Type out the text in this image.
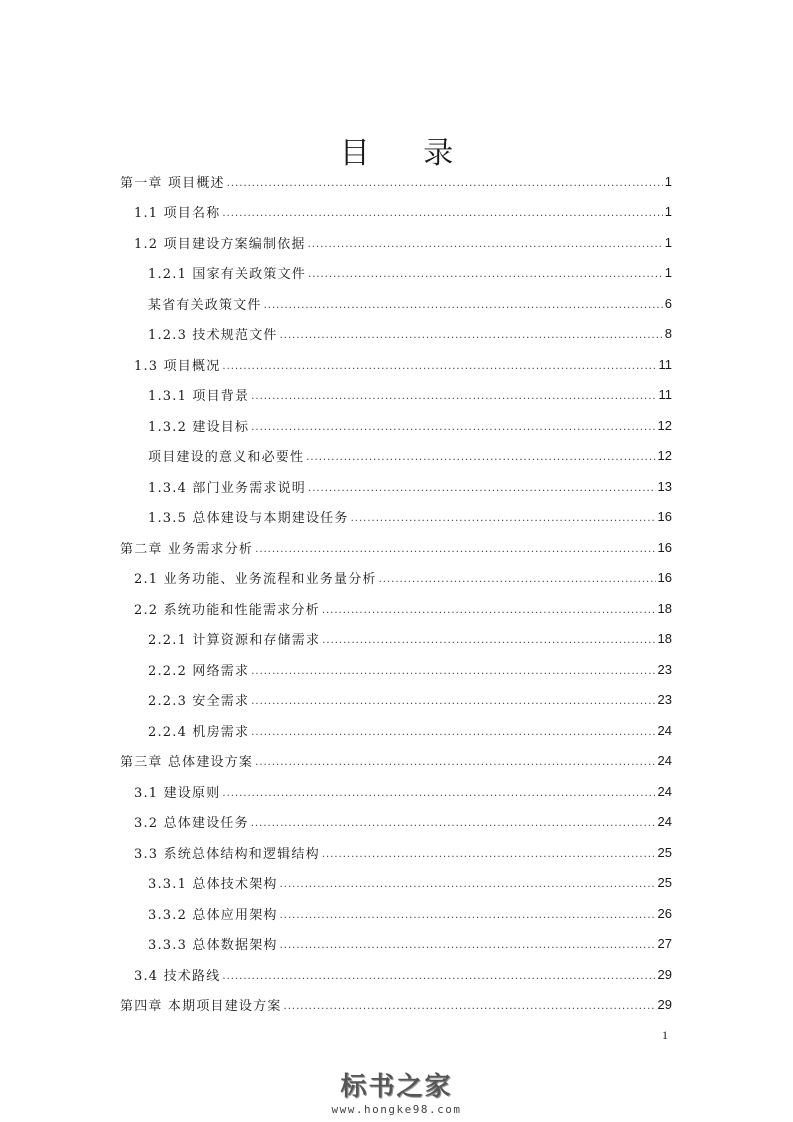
目 录
第一章 项目概述 .....	1
1.1 项目名称 .....	1
1.2 项目建设方案编制依据 .....	1
1.2.1 国家有关政策文件 .....	1
某省有关政策文件 .....	6
1.2.3 技术规范文件 .....	8
1.3 项目概况 .....	11
1.3.1 项目背景 .....	11
1.3.2 建设目标 .....	12
项目建设的意义和必要性 .....	12
1.3.4 部门业务需求说明 .....	13
1.3.5 总体建设与本期建设任务 .....	16
第二章 业务需求分析 .....	16
2.1 业务功能、业务流程和业务量分析 .....	16
2.2 系统功能和性能需求分析 .....	18
2.2.1 计算资源和存储需求 .....	18
2.2.2 网络需求 .....	23
2.2.3 安全需求 .....	23
2.2.4 机房需求 .....	24
第三章 总体建设方案 .....	24
3.1 建设原则 .....	24
3.2 总体建设任务 .....	24
3.3 系统总体结构和逻辑结构 .....	25
3.3.1 总体技术架构 .....	25
3.3.2 总体应用架构 .....	26
3.3.3 总体数据架构 .....	27
3.4 技术路线 .....	29
第四章 本期项目建设方案 .....	29
1
标书之家
www.hongke98.com
